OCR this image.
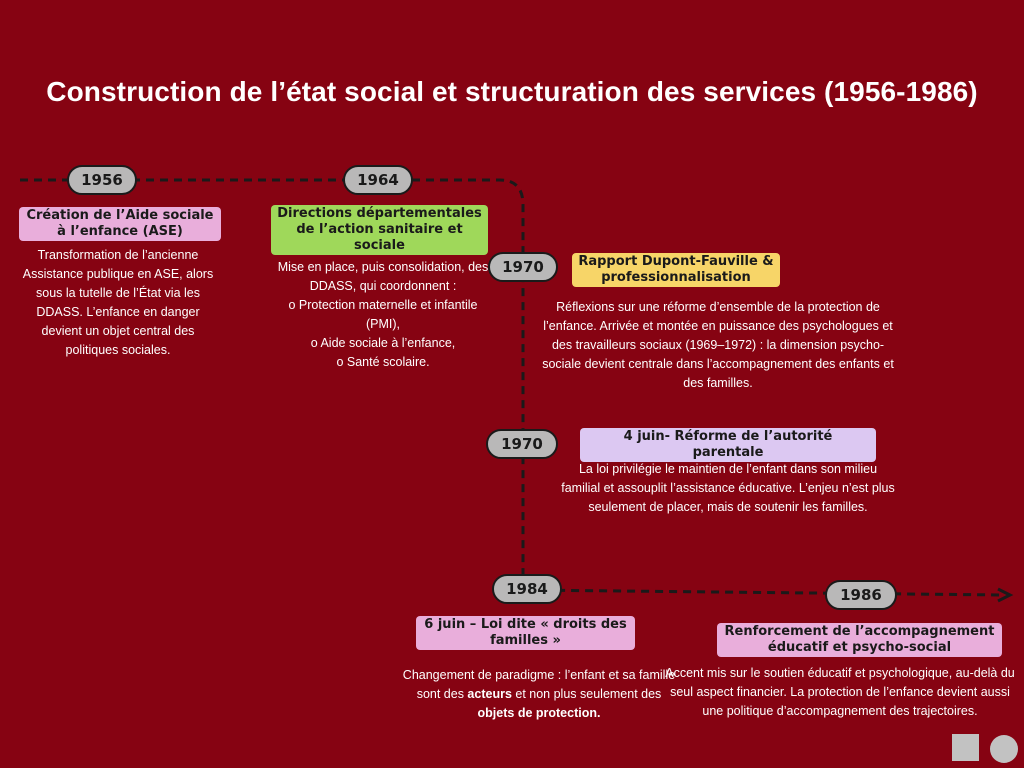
Construction de l’état social et structuration des services (1956-1986)
1956
Création de l’Aide sociale à l’enfance (ASE)
Transformation de l’ancienne Assistance publique en ASE, alors sous la tutelle de l’État via les DDASS. L’enfance en danger devient un objet central des politiques sociales.
1964
Directions départementales de l’action sanitaire et sociale

Mise en place, puis consolidation, des DDASS, qui coordonnent :

o Protection maternelle et infantile (PMI),

o Aide sociale à l’enfance,

o Santé scolaire.

1970	Rapport Dupont-Fauville & professionnalisation
Réflexions sur une réforme d’ensemble de la protection de l’enfance. Arrivée et montée en puissance des psychologues et des travailleurs sociaux (1969–1972) : la dimension psycho-sociale devient centrale dans l’accompagnement des enfants et des familles.
1970	4 juin- Réforme de l’autorité parentale
La loi privilégie le maintien de l’enfant dans son milieu familial et assouplit l’assistance éducative. L’enjeu n’est plus seulement de placer, mais de soutenir les familles.
1984
6 juin – Loi dite « droits des familles »
Changement de paradigme : l’enfant et sa famille sont des acteurs et non plus seulement des objets de protection.
1986
Renforcement de l’accompagnement éducatif et psycho-social
Accent mis sur le soutien éducatif et psychologique, au-delà du seul aspect financier. La protection de l’enfance devient aussi une politique d’accompagnement des trajectoires.
